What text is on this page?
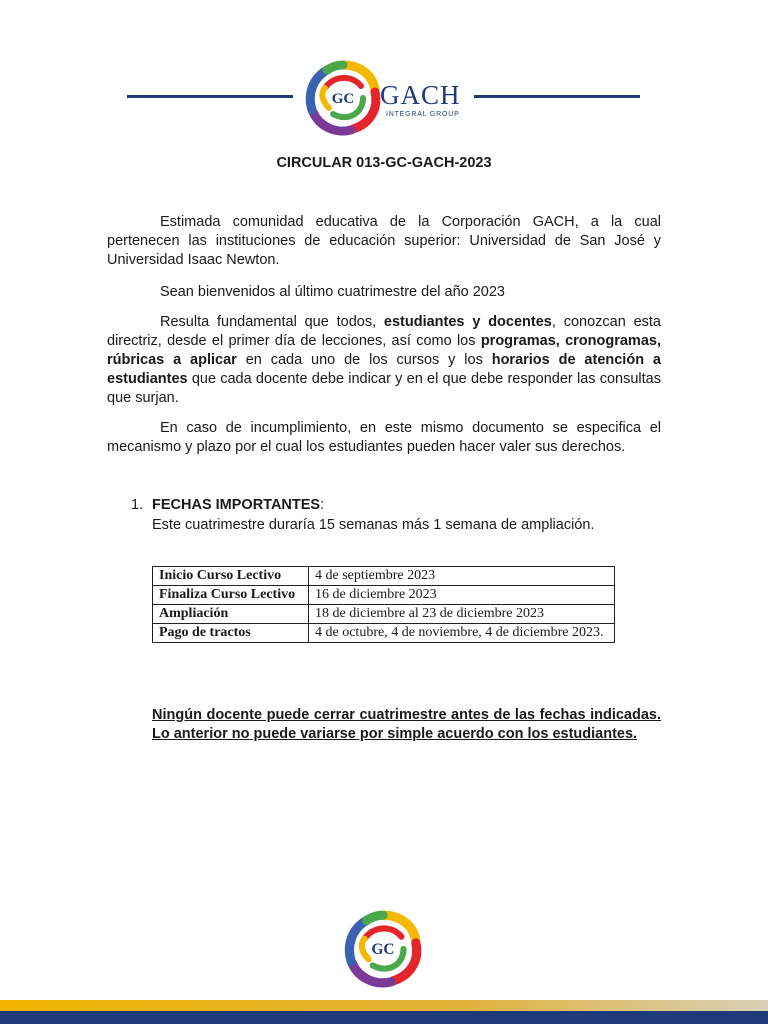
GC GACH
INTEGRAL GROUP
CIRCULAR 013-GC-GACH-2023

Estimada comunidad educativa de la Corporación GACH, a la cual pertenecen las instituciones de educación superior: Universidad de San José y Universidad Isaac Newton.

Sean bienvenidos al último cuatrimestre del año 2023

Resulta fundamental que todos, estudiantes y docentes, conozcan esta directriz, desde el primer día de lecciones, así como los programas, cronogramas, rúbricas a aplicar en cada uno de los cursos y los horarios de atención a estudiantes que cada docente debe indicar y en el que debe responder las consultas que surjan.

En caso de incumplimiento, en este mismo documento se especifica el mecanismo y plazo por el cual los estudiantes pueden hacer valer sus derechos.

1. FECHAS IMPORTANTES:
Este cuatrimestre duraría 15 semanas más 1 semana de ampliación.
Inicio Curso Lectivo	4 de septiembre 2023
Finaliza Curso Lectivo	16 de diciembre 2023
Ampliación	18 de diciembre al 23 de diciembre 2023
Pago de tractos	4 de octubre, 4 de noviembre, 4 de diciembre 2023.
Ningún docente puede cerrar cuatrimestre antes de las fechas indicadas. Lo anterior no puede variarse por simple acuerdo con los estudiantes.
GC
